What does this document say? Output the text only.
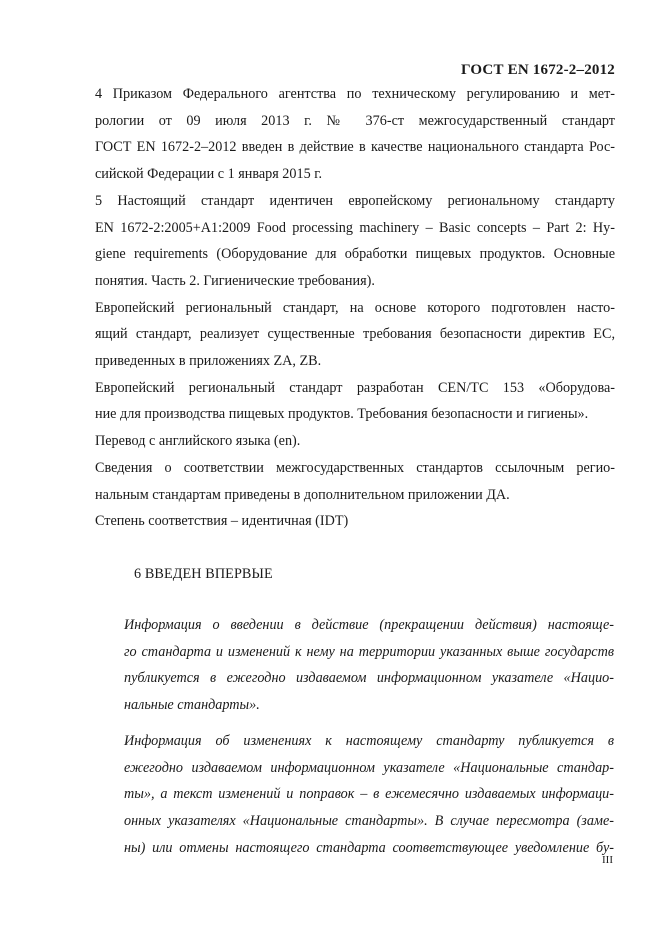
ГОСТ EN 1672-2–2012

4 Приказом Федерального агентства по техническому регулированию и мет-
рологии от 09 июля 2013 г. № 376-ст межгосударственный стандарт
ГОСТ EN 1672-2–2012 введен в действие в качестве национального стандарта Рос-
сийской Федерации с 1 января 2015 г.

5 Настоящий стандарт идентичен европейскому региональному стандарту
EN 1672-2:2005+A1:2009 Food processing machinery – Basic concepts – Part 2: Hy-
giene requirements (Оборудование для обработки пищевых продуктов. Основные
понятия. Часть 2. Гигиенические требования).

Европейский региональный стандарт, на основе которого подготовлен насто-
ящий стандарт, реализует существенные требования безопасности директив ЕС,
приведенных в приложениях ZA, ZB.

Европейский региональный стандарт разработан CEN/TC 153 «Оборудова-
ние для производства пищевых продуктов. Требования безопасности и гигиены».

Перевод с английского языка (en).

Сведения о соответствии межгосударственных стандартов ссылочным регио-
нальным стандартам приведены в дополнительном приложении ДА.

Степень соответствия – идентичная (IDT)

6 ВВЕДЕН ВПЕРВЫЕ

Информация о введении в действие (прекращении действия) настояще-
го стандарта и изменений к нему на территории указанных выше государств
публикуется в ежегодно издаваемом информационном указателе «Нацио-
нальные стандарты».

Информация об изменениях к настоящему стандарту публикуется в
ежегодно издаваемом информационном указателе «Национальные стандар-
ты», а текст изменений и поправок – в ежемесячно издаваемых информаци-
онных указателях «Национальные стандарты». В случае пересмотра (заме-
ны) или отмены настоящего стандарта соответствующее уведомление бу-

III
